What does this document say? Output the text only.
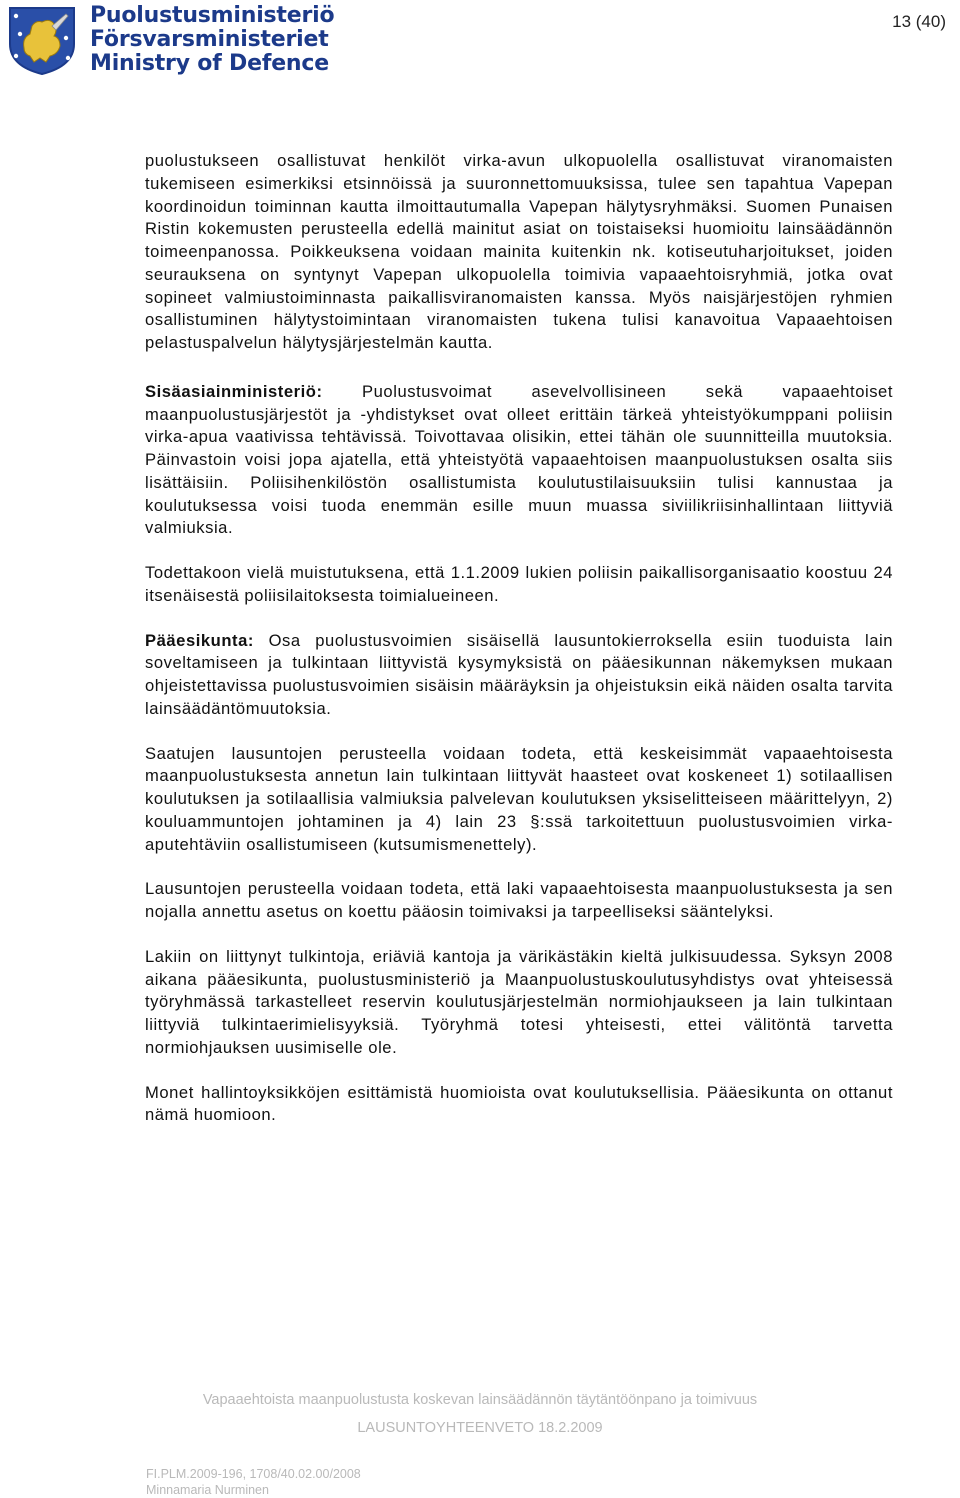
Puolustusministeriö
Försvarsministeriet
Ministry of Defence
13 (40)

puolustukseen osallistuvat henkilöt virka-avun ulkopuolella osallistuvat viranomaisten tukemiseen esimerkiksi etsinnöissä ja suuronnettomuuksissa, tulee sen tapahtua Vapepan koordinoidun toiminnan kautta ilmoittautumalla Vapepan hälytysryhmäksi. Suomen Punaisen Ristin kokemusten perusteella edellä mainitut asiat on toistaiseksi huomioitu lainsäädännön toimeenpanossa. Poikkeuksena voidaan mainita kuitenkin nk. kotiseutuharjoitukset, joiden seurauksena on syntynyt Vapepan ulkopuolella toimivia vapaaehtoisryhmiä, jotka ovat sopineet valmiustoiminnasta paikallisviranomaisten kanssa. Myös naisjärjestöjen ryhmien osallistuminen hälytystoimintaan viranomaisten tukena tulisi kanavoitua Vapaaehtoisen pelastuspalvelun hälytysjärjestelmän kautta.

Sisäasiainministeriö: Puolustusvoimat asevelvollisineen sekä vapaaehtoiset maanpuolustusjärjestöt ja -yhdistykset ovat olleet erittäin tärkeä yhteistyökumppani poliisin virka-apua vaativissa tehtävissä. Toivottavaa olisikin, ettei tähän ole suunnitteilla muutoksia. Päinvastoin voisi jopa ajatella, että yhteistyötä vapaaehtoisen maanpuolustuksen osalta siis lisättäisiin. Poliisihenkilöstön osallistumista koulutustilaisuuksiin tulisi kannustaa ja koulutuksessa voisi tuoda enemmän esille muun muassa siviilikriisinhallintaan liittyviä valmiuksia.

Todettakoon vielä muistutuksena, että 1.1.2009 lukien poliisin paikallisorganisaatio koostuu 24 itsenäisestä poliisilaitoksesta toimialueineen.

Pääesikunta: Osa puolustusvoimien sisäisellä lausuntokierroksella esiin tuoduista lain soveltamiseen ja tulkintaan liittyvistä kysymyksistä on pääesikunnan näkemyksen mukaan ohjeistettavissa puolustusvoimien sisäisin määräyksin ja ohjeistuksin eikä näiden osalta tarvita lainsäädäntömuutoksia.

Saatujen lausuntojen perusteella voidaan todeta, että keskeisimmät vapaaehtoisesta maanpuolustuksesta annetun lain tulkintaan liittyvät haasteet ovat koskeneet 1) sotilaallisen koulutuksen ja sotilaallisia valmiuksia palvelevan koulutuksen yksiselitteiseen määrittelyyn, 2) kouluammuntojen johtaminen ja 4) lain 23 §:ssä tarkoitettuun puolustusvoimien virka-aputehtäviin osallistumiseen (kutsumismenettely).

Lausuntojen perusteella voidaan todeta, että laki vapaaehtoisesta maanpuolustuksesta ja sen nojalla annettu asetus on koettu pääosin toimivaksi ja tarpeelliseksi sääntelyksi.

Lakiin on liittynyt tulkintoja, eriäviä kantoja ja värikästäkin kieltä julkisuudessa. Syksyn 2008 aikana pääesikunta, puolustusministeriö ja Maanpuolustuskoulutusyhdistys ovat yhteisessä työryhmässä tarkastelleet reservin koulutusjärjestelmän normiohjaukseen ja lain tulkintaan liittyviä tulkintaerimielisyyksiä. Työryhmä totesi yhteisesti, ettei välitöntä tarvetta normiohjauksen uusimiselle ole.

Monet hallintoyksikköjen esittämistä huomioista ovat koulutuksellisia. Pääesikunta on ottanut nämä huomioon.

Vapaaehtoista maanpuolustusta koskevan lainsäädännön täytäntöönpano ja toimivuus
LAUSUNTOYHTEENVETO 18.2.2009
FI.PLM.2009-196, 1708/40.02.00/2008
Minnamaria Nurminen
